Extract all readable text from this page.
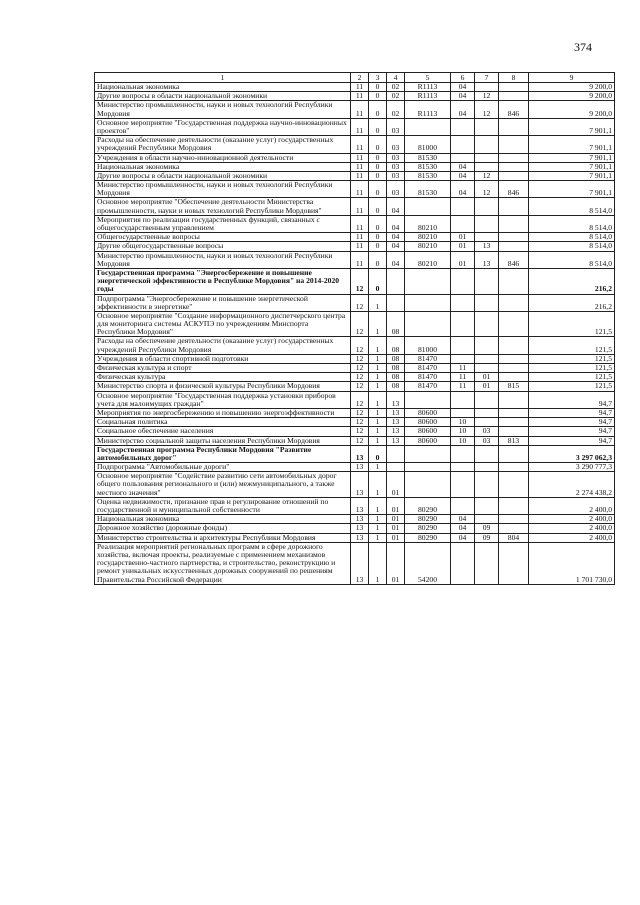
374
1	2	3	4	5	6	7	8	9
Национальная экономика	11	0	02	R1113	04			9 200,0
Другие вопросы в области национальной экономики	11	0	02	R1113	04	12		9 200,0
Министерство промышленности, науки и новых технологий Республики Мордовия	11	0	02	R1113	04	12	846	9 200,0
Основное мероприятие "Государственная поддержка научно-инновационных проектов"	11	0	03					7 901,1
Расходы на обеспечение деятельности (оказание услуг) государственных учреждений Республики Мордовия	11	0	03	81000				7 901,1
Учреждения в области научно-инновационной деятельности	11	0	03	81530				7 901,1
Национальная экономика	11	0	03	81530	04			7 901,1
Другие вопросы в области национальной экономики	11	0	03	81530	04	12		7 901,1
Министерство промышленности, науки и новых технологий Республики Мордовия	11	0	03	81530	04	12	846	7 901,1
Основное мероприятие "Обеспечение деятельности Министерства промышленности, науки и новых технологий Республики Мордовия"	11	0	04					8 514,0
Мероприятия по реализации государственных функций, связанных с общегосударственным управлением	11	0	04	80210				8 514,0
Общегосударственные вопросы	11	0	04	80210	01			8 514,0
Другие общегосударственные вопросы	11	0	04	80210	01	13		8 514,0
Министерство промышленности, науки и новых технологий Республики Мордовия	11	0	04	80210	01	13	846	8 514,0
Государственная программа "Энергосбережение и повышение энергетической эффективности в Республике Мордовия" на 2014-2020 годы	12	0						216,2
Подпрограмма "Энергосбережение и повышение энергетической эффективности в энергетике"	12	1						216,2
Основное мероприятие "Создание информационного диспетчерского центра для мониторинга системы АСКУПЭ по учреждениям Минспорта Республики Мордовия"	12	1	08					121,5
Расходы на обеспечение деятельности (оказание услуг) государственных учреждений Республики Мордовия	12	1	08	81000				121,5
Учреждения в области спортивной подготовки	12	1	08	81470				121,5
Физическая культура и спорт	12	1	08	81470	11			121,5
Физическая культура	12	1	08	81470	11	01		121,5
Министерство спорта и физической культуры Республики Мордовия	12	1	08	81470	11	01	815	121,5
Основное мероприятие "Государственная поддержка установки приборов учета для малоимущих граждан"	12	1	13					94,7
Мероприятия по энергосбережению и повышению энергоэффективности	12	1	13	80600				94,7
Социальная политика	12	1	13	80600	10			94,7
Социальное обеспечение населения	12	1	13	80600	10	03		94,7
Министерство социальной защиты населения Республики Мордовия	12	1	13	80600	10	03	813	94,7
Государственная программа Республики Мордовия "Развитие автомобильных дорог"	13	0						3 297 062,3
Подпрограмма "Автомобильные дороги"	13	1						3 290 777,3
Основное мероприятие "Содействие развитию сети автомобильных дорог общего пользования регионального и (или) межмуниципального, а также местного значения"	13	1	01					2 274 438,2
Оценка недвижимости, признание прав и регулирование отношений по государственной и муниципальной собственности	13	1	01	80290				2 400,0
Национальная экономика	13	1	01	80290	04			2 400,0
Дорожное хозяйство (дорожные фонды)	13	1	01	80290	04	09		2 400,0
Министерство строительства и архитектуры Республики Мордовия	13	1	01	80290	04	09	804	2 400,0
Реализация мероприятий региональных программ в сфере дорожного хозяйства, включая проекты, реализуемые с применением механизмов государственно-частного партнерства, и строительство, реконструкцию и ремонт уникальных искусственных дорожных сооружений по решениям Правительства Российской Федерации	13	1	01	54200				1 701 730,0
